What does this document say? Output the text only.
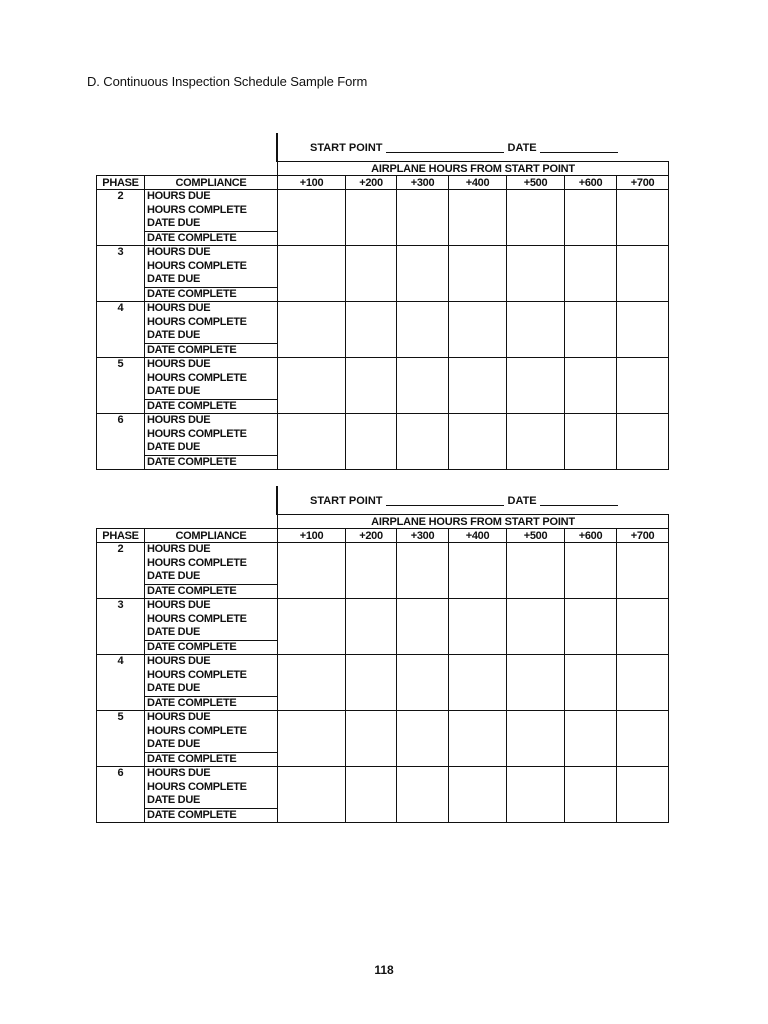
D. Continuous Inspection Schedule Sample Form
START POINT	DATE
		AIRPLANE HOURS FROM START POINT						
PHASE	COMPLIANCE	+100	+200	+300	+400	+500	+600	+700
2	HOURS DUE
HOURS COMPLETE
DATE DUE
DATE COMPLETE							

3	HOURS DUE
HOURS COMPLETE
DATE DUE
DATE COMPLETE							

4	HOURS DUE
HOURS COMPLETE
DATE DUE
DATE COMPLETE							

5	HOURS DUE
HOURS COMPLETE
DATE DUE
DATE COMPLETE							

6	HOURS DUE
HOURS COMPLETE
DATE DUE
DATE COMPLETE							

START POINT	DATE
		AIRPLANE HOURS FROM START POINT						
PHASE	COMPLIANCE	+100	+200	+300	+400	+500	+600	+700
2	HOURS DUE
HOURS COMPLETE
DATE DUE
DATE COMPLETE							

3	HOURS DUE
HOURS COMPLETE
DATE DUE
DATE COMPLETE							

4	HOURS DUE
HOURS COMPLETE
DATE DUE
DATE COMPLETE							

5	HOURS DUE
HOURS COMPLETE
DATE DUE
DATE COMPLETE							

6	HOURS DUE
HOURS COMPLETE
DATE DUE
DATE COMPLETE							

118
